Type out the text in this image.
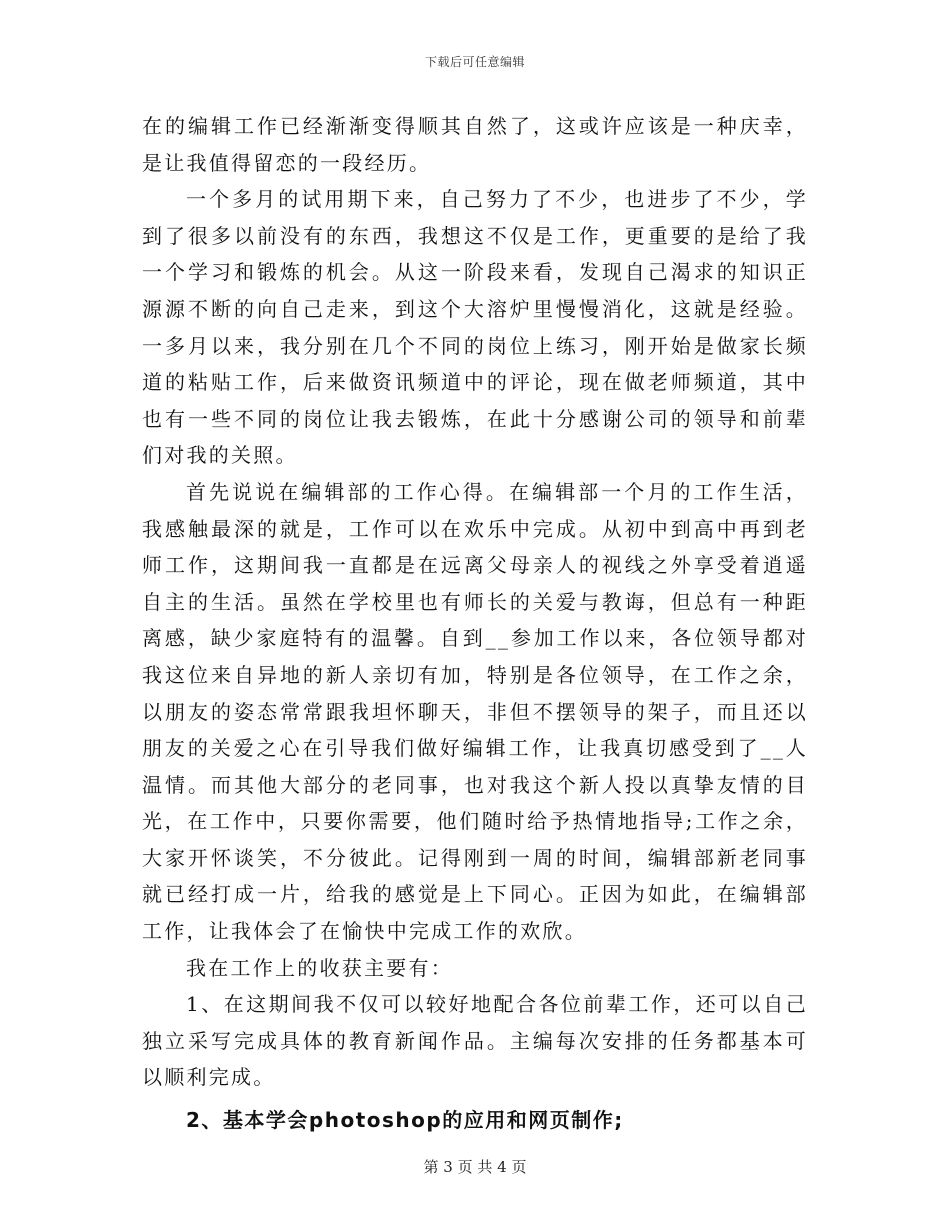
下载后可任意编辑

在的编辑工作已经渐渐变得顺其自然了，这或许应该是一种庆幸，是让我值得留恋的一段经历。

一个多月的试用期下来，自己努力了不少，也进步了不少，学到了很多以前没有的东西，我想这不仅是工作，更重要的是给了我一个学习和锻炼的机会。从这一阶段来看，发现自己渴求的知识正源源不断的向自己走来，到这个大溶炉里慢慢消化，这就是经验。一多月以来，我分别在几个不同的岗位上练习，刚开始是做家长频道的粘贴工作，后来做资讯频道中的评论，现在做老师频道，其中也有一些不同的岗位让我去锻炼，在此十分感谢公司的领导和前辈们对我的关照。

首先说说在编辑部的工作心得。在编辑部一个月的工作生活，我感触最深的就是，工作可以在欢乐中完成。从初中到高中再到老师工作，这期间我一直都是在远离父母亲人的视线之外享受着逍遥自主的生活。虽然在学校里也有师长的关爱与教诲，但总有一种距离感，缺少家庭特有的温馨。自到__参加工作以来，各位领导都对我这位来自异地的新人亲切有加，特别是各位领导，在工作之余，以朋友的姿态常常跟我坦怀聊天，非但不摆领导的架子，而且还以朋友的关爱之心在引导我们做好编辑工作，让我真切感受到了__人温情。而其他大部分的老同事，也对我这个新人投以真挚友情的目光，在工作中，只要你需要，他们随时给予热情地指导;工作之余，大家开怀谈笑，不分彼此。记得刚到一周的时间，编辑部新老同事就已经打成一片，给我的感觉是上下同心。正因为如此，在编辑部工作，让我体会了在愉快中完成工作的欢欣。

我在工作上的收获主要有：

1、在这期间我不仅可以较好地配合各位前辈工作，还可以自己独立采写完成具体的教育新闻作品。主编每次安排的任务都基本可以顺利完成。

2、基本学会photoshop的应用和网页制作;

第 3 页 共 4 页
